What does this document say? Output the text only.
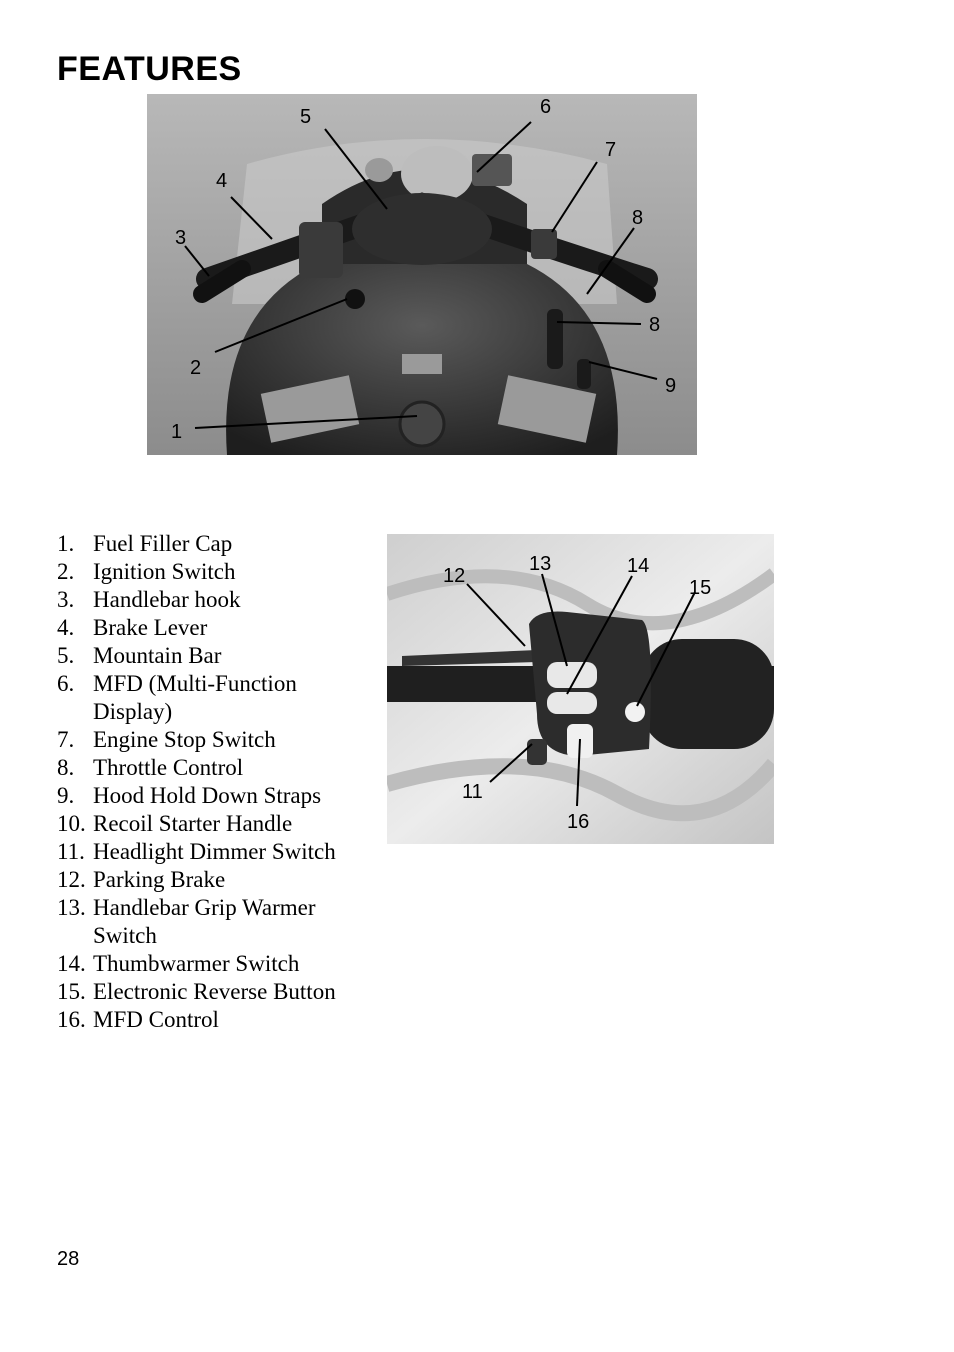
FEATURES
1
2
3
4
5	6
7
8
8
9
12
13	14
15
11
16
1. Fuel Filler Cap
2. Ignition Switch
3. Handlebar hook
4. Brake Lever
5. Mountain Bar
6. MFD (Multi-Function Display)
7. Engine Stop Switch
8. Throttle Control
9. Hood Hold Down Straps
10. Recoil Starter Handle
11. Headlight Dimmer Switch
12. Parking Brake
13. Handlebar Grip Warmer Switch
14. Thumbwarmer Switch
15. Electronic Reverse Button
16. MFD Control
28
